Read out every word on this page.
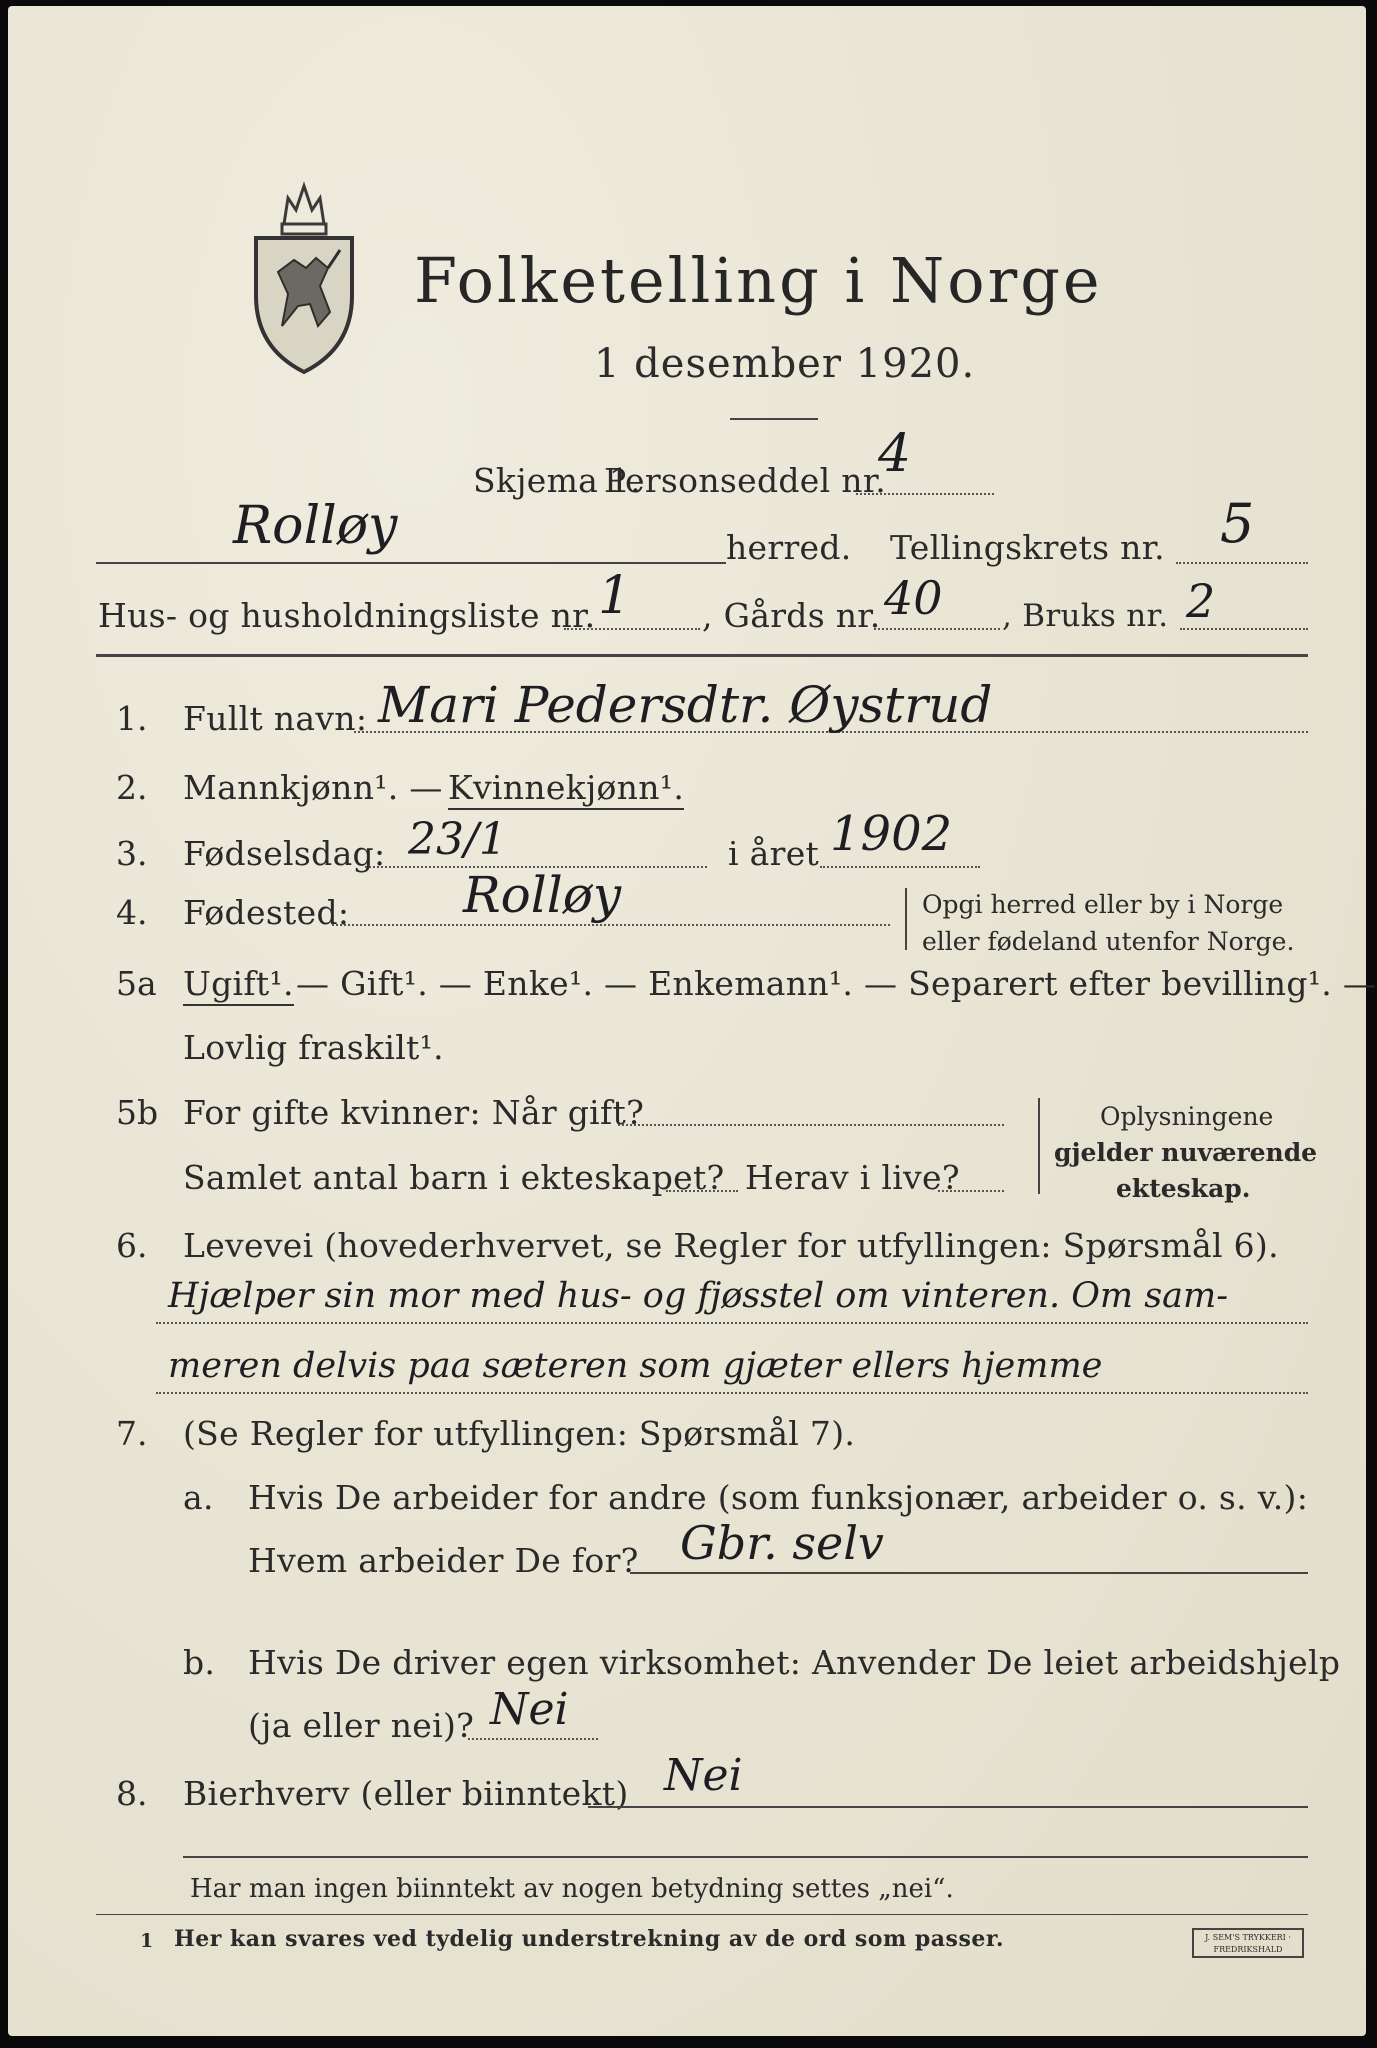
Folketelling i Norge
1 desember 1920.
Skjema 1.
Personseddel nr.
4
Rolløy	herred. Tellingskrets nr. 5
Hus- og husholdningsliste nr. 1 , Gårds nr. 40 , Bruks nr. 2
1. Fullt navn: Mari Pedersdtr. Øystrud
2. Mannkjønn¹. — Kvinnekjønn¹.
3. Fødselsdag: 23/1	i året 1902
4. Fødested: Rolløy	Opgi herred eller by i Norge
eller fødeland utenfor Norge.
5a Ugift¹. — Gift¹. — Enke¹. — Enkemann¹. — Separert efter bevilling¹. —
Lovlig fraskilt¹.
5b For gifte kvinner: Når gift?
Samlet antal barn i ekteskapet? Herav i live?
Oplysningene
gjelder nuværende
ekteskap.
6. Levevei (hovederhvervet, se Regler for utfyllingen: Spørsmål 6).
Hjælper sin mor med hus- og fjøsstel om vinteren. Om sam-
meren delvis paa sæteren som gjæter ellers hjemme
7. (Se Regler for utfyllingen: Spørsmål 7).
a. Hvis De arbeider for andre (som funksjonær, arbeider o. s. v.):
Hvem arbeider De for? Gbr. selv
b. Hvis De driver egen virksomhet: Anvender De leiet arbeidshjelp
(ja eller nei)? Nei
8. Bierhverv (eller biinntekt) Nei
Har man ingen biinntekt av nogen betydning settes „nei“.
1 Her kan svares ved tydelig understrekning av de ord som passer.	J. SEM'S TRYKKERI · FREDRIKSHALD
